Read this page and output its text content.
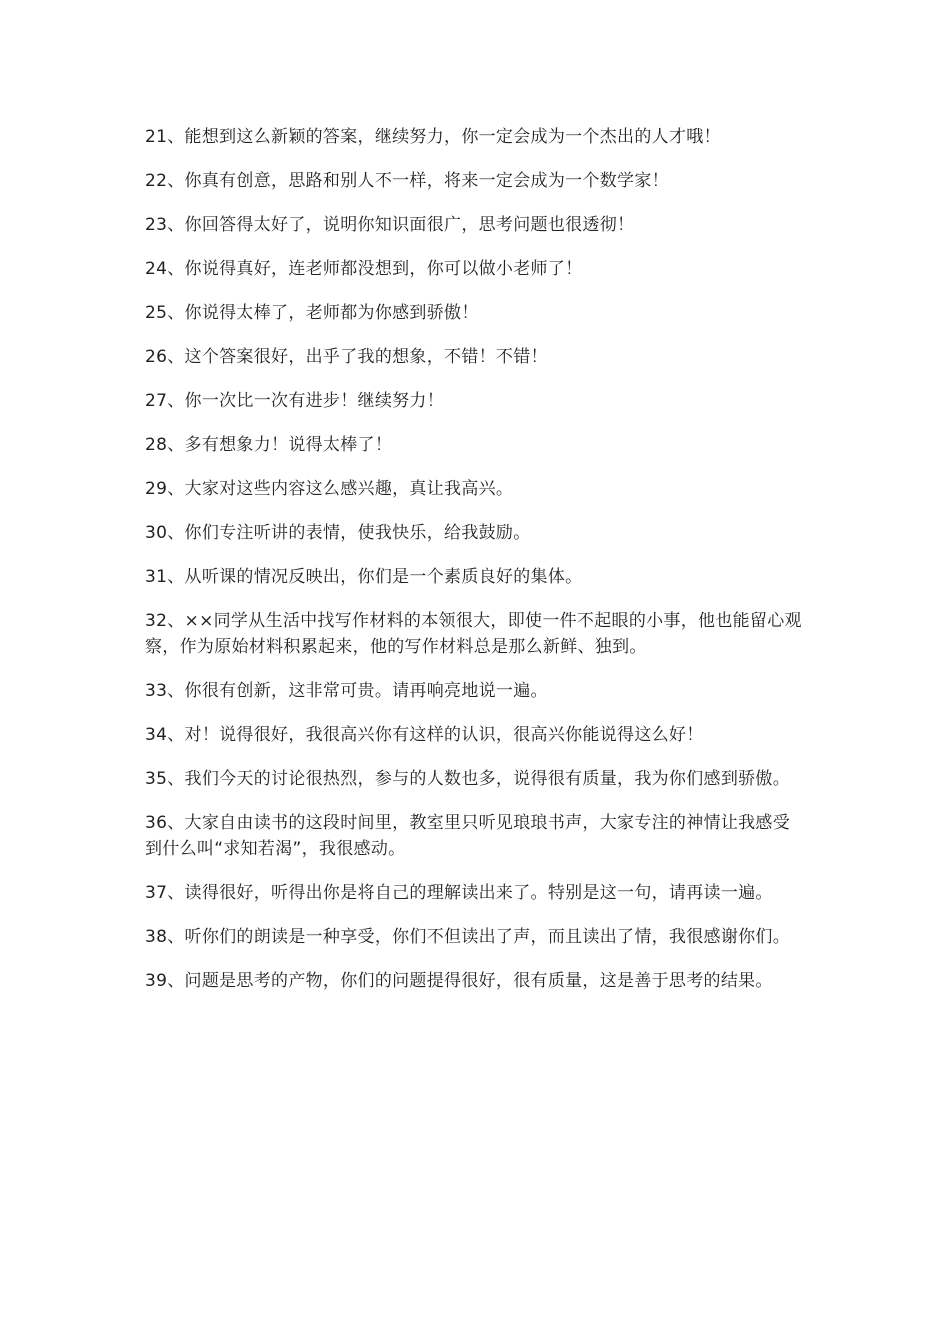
21、能想到这么新颖的答案，继续努力，你一定会成为一个杰出的人才哦！
22、你真有创意，思路和别人不一样，将来一定会成为一个数学家！
23、你回答得太好了，说明你知识面很广，思考问题也很透彻！
24、你说得真好，连老师都没想到，你可以做小老师了！
25、你说得太棒了，老师都为你感到骄傲！
26、这个答案很好，出乎了我的想象，不错！不错！
27、你一次比一次有进步！继续努力！
28、多有想象力！说得太棒了！
29、大家对这些内容这么感兴趣，真让我高兴。
30、你们专注听讲的表情，使我快乐，给我鼓励。
31、从听课的情况反映出，你们是一个素质良好的集体。
32、××同学从生活中找写作材料的本领很大，即使一件不起眼的小事，他也能留心观察，作为原始材料积累起来，他的写作材料总是那么新鲜、独到。
33、你很有创新，这非常可贵。请再响亮地说一遍。
34、对！说得很好，我很高兴你有这样的认识，很高兴你能说得这么好！
35、我们今天的讨论很热烈，参与的人数也多，说得很有质量，我为你们感到骄傲。
36、大家自由读书的这段时间里，教室里只听见琅琅书声，大家专注的神情让我感受到什么叫“求知若渴”，我很感动。
37、读得很好，听得出你是将自己的理解读出来了。特别是这一句，请再读一遍。
38、听你们的朗读是一种享受，你们不但读出了声，而且读出了情，我很感谢你们。
39、问题是思考的产物，你们的问题提得很好，很有质量，这是善于思考的结果。
